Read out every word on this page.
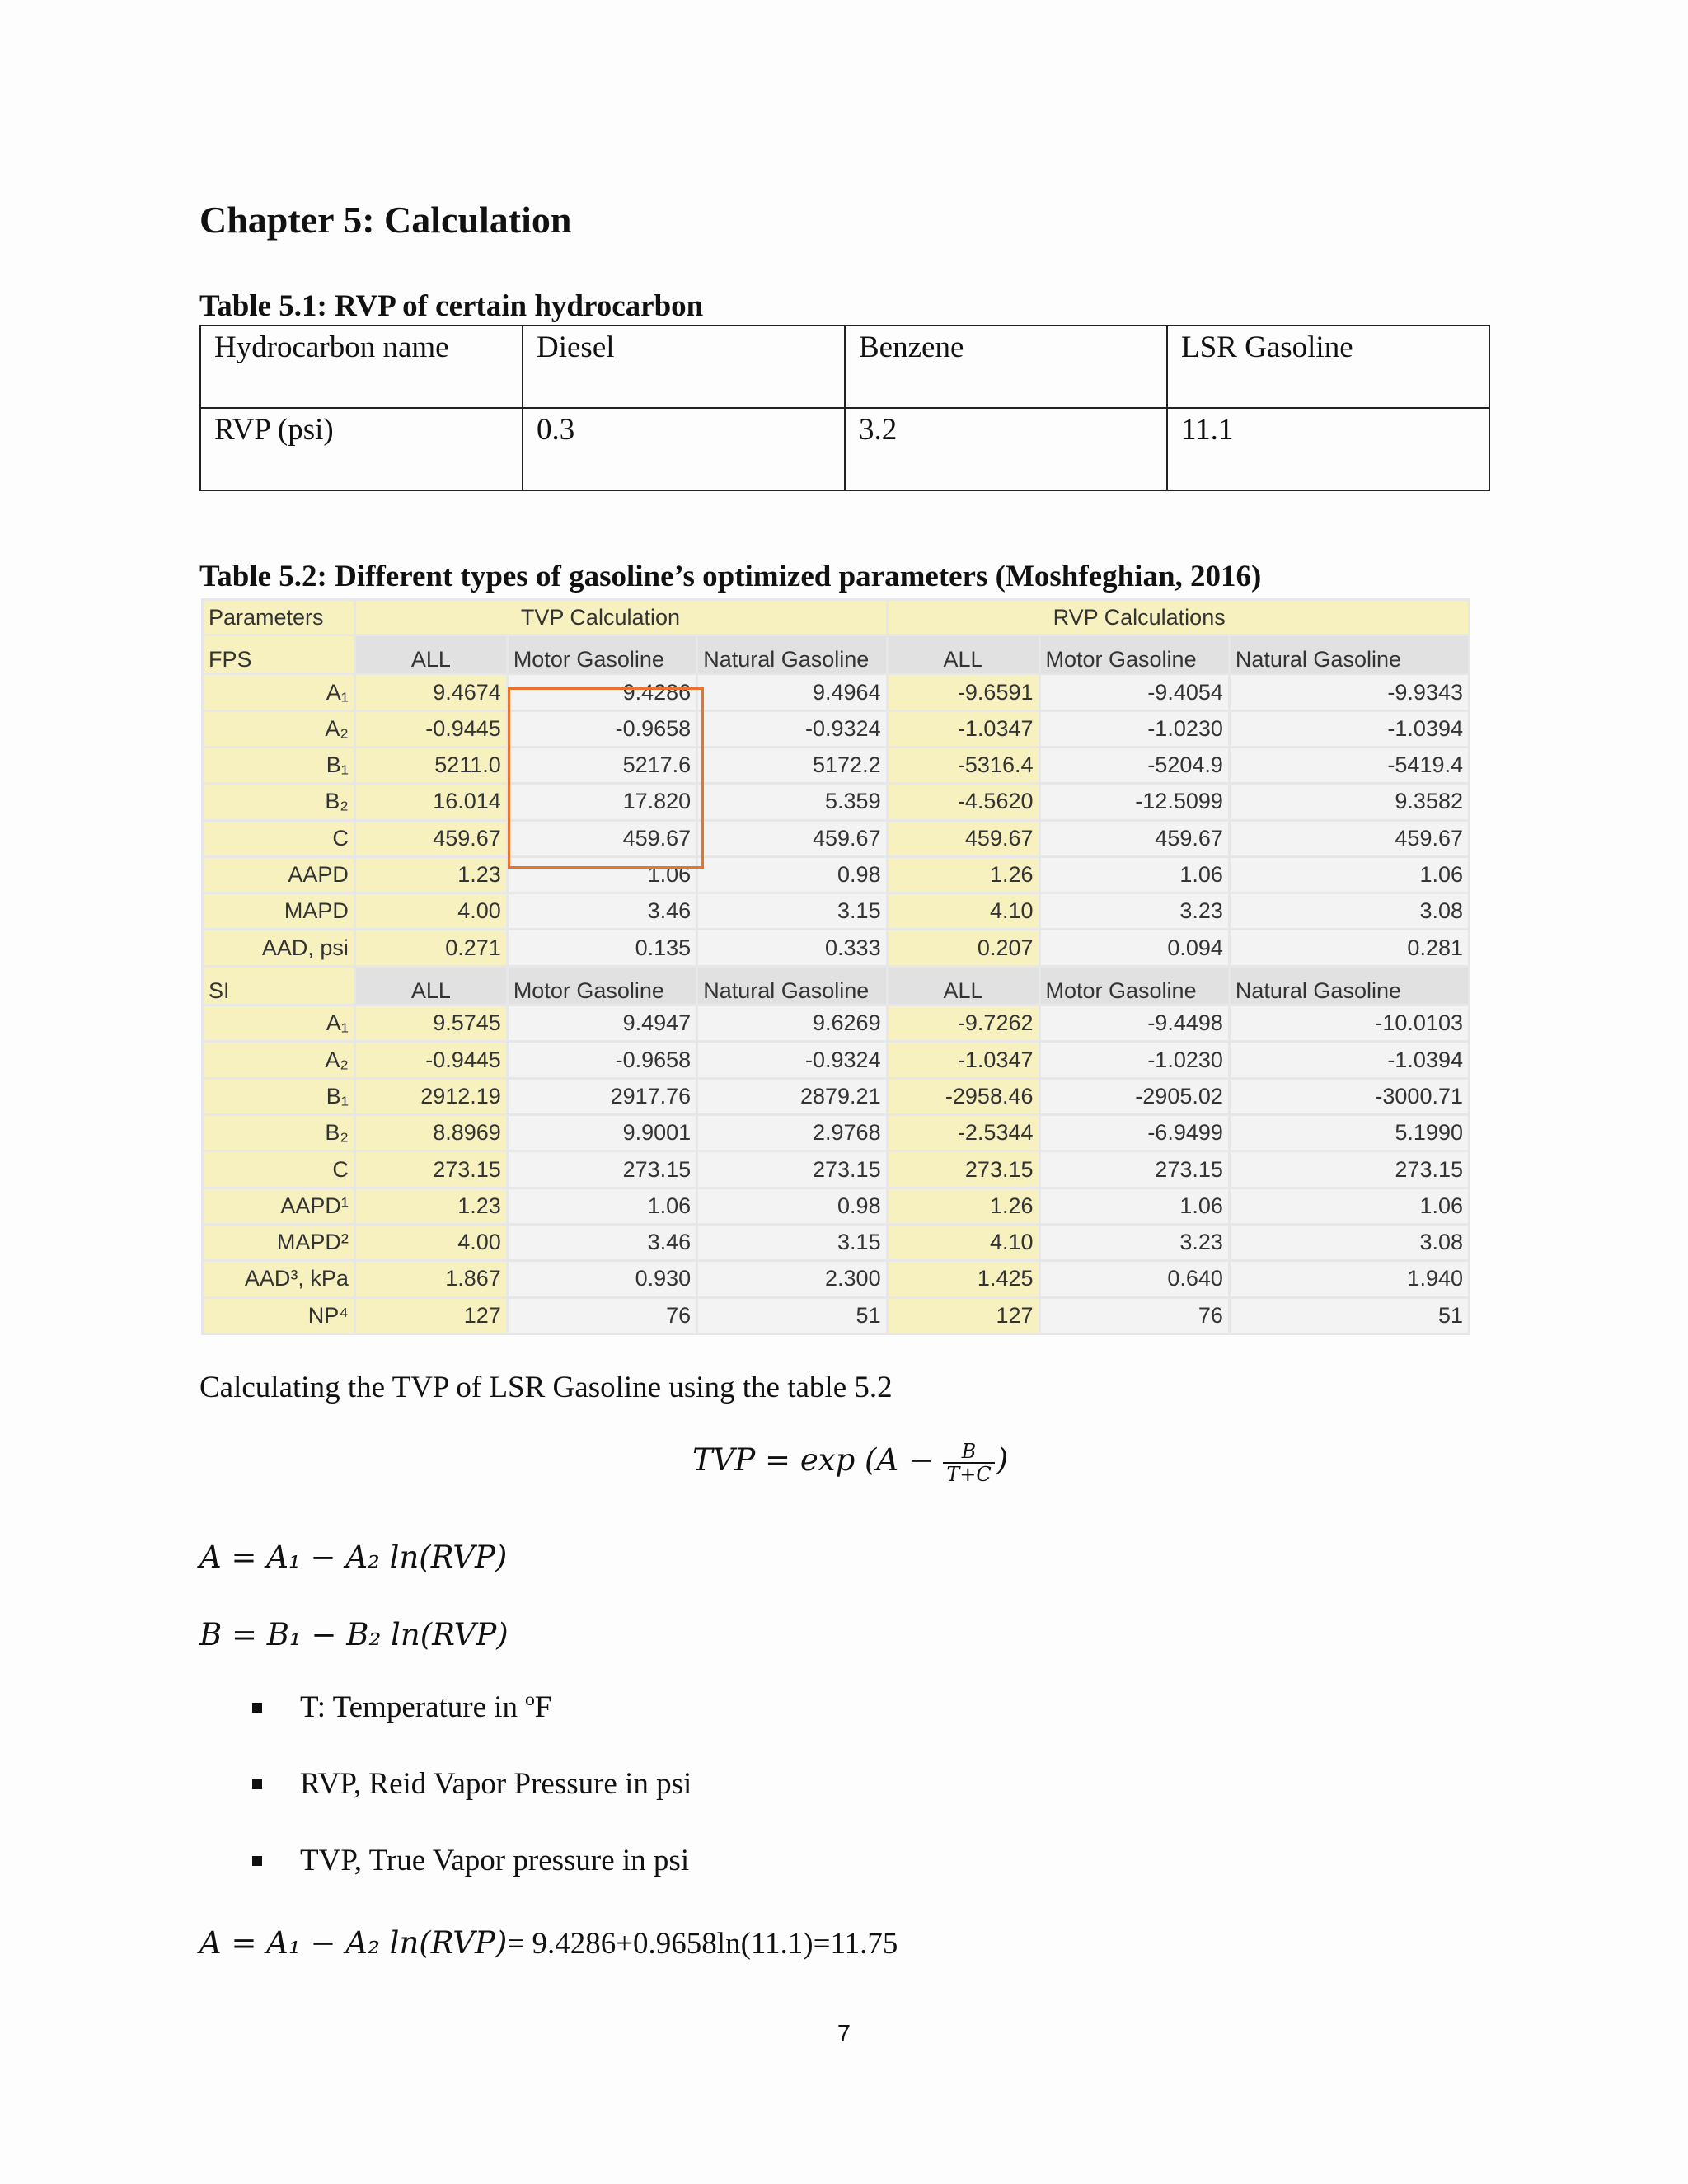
Chapter 5: Calculation
Table 5.1: RVP of certain hydrocarbon
Hydrocarbon name	Diesel	Benzene	LSR Gasoline
RVP (psi)	0.3	3.2	11.1
Table 5.2: Different types of gasoline’s optimized parameters (Moshfeghian, 2016)
Parameters	TVP Calculation			RVP Calculations		
FPS	ALL	Motor Gasoline	Natural Gasoline	ALL	Motor Gasoline	Natural Gasoline
A₁	9.4674	9.4286	9.4964	-9.6591	-9.4054	-9.9343
A₂	-0.9445	-0.9658	-0.9324	-1.0347	-1.0230	-1.0394
B₁	5211.0	5217.6	5172.2	-5316.4	-5204.9	-5419.4
B₂	16.014	17.820	5.359	-4.5620	-12.5099	9.3582
C	459.67	459.67	459.67	459.67	459.67	459.67
AAPD	1.23	1.06	0.98	1.26	1.06	1.06
MAPD	4.00	3.46	3.15	4.10	3.23	3.08
AAD, psi	0.271	0.135	0.333	0.207	0.094	0.281
SI	ALL	Motor Gasoline	Natural Gasoline	ALL	Motor Gasoline	Natural Gasoline
A₁	9.5745	9.4947	9.6269	-9.7262	-9.4498	-10.0103
A₂	-0.9445	-0.9658	-0.9324	-1.0347	-1.0230	-1.0394
B₁	2912.19	2917.76	2879.21	-2958.46	-2905.02	-3000.71
B₂	8.8969	9.9001	2.9768	-2.5344	-6.9499	5.1990
C	273.15	273.15	273.15	273.15	273.15	273.15
AAPD¹	1.23	1.06	0.98	1.26	1.06	1.06
MAPD²	4.00	3.46	3.15	4.10	3.23	3.08
AAD³, kPa	1.867	0.930	2.300	1.425	0.640	1.940
NP⁴	127	76	51	127	76	51

Calculating the TVP of LSR Gasoline using the table 5.2

TVP = $\exp (A - \frac{B}{T+C}$ )

A = A₁ − A₂ ln(RVP)

B = B₁ − B₂ ln(RVP)

T: Temperature in ºF
RVP, Reid Vapor Pressure in psi
TVP, True Vapor pressure in psi

A = A₁ − A₂ ln(RVP)= 9.4286+0.9658ln(11.1)=11.75

7
